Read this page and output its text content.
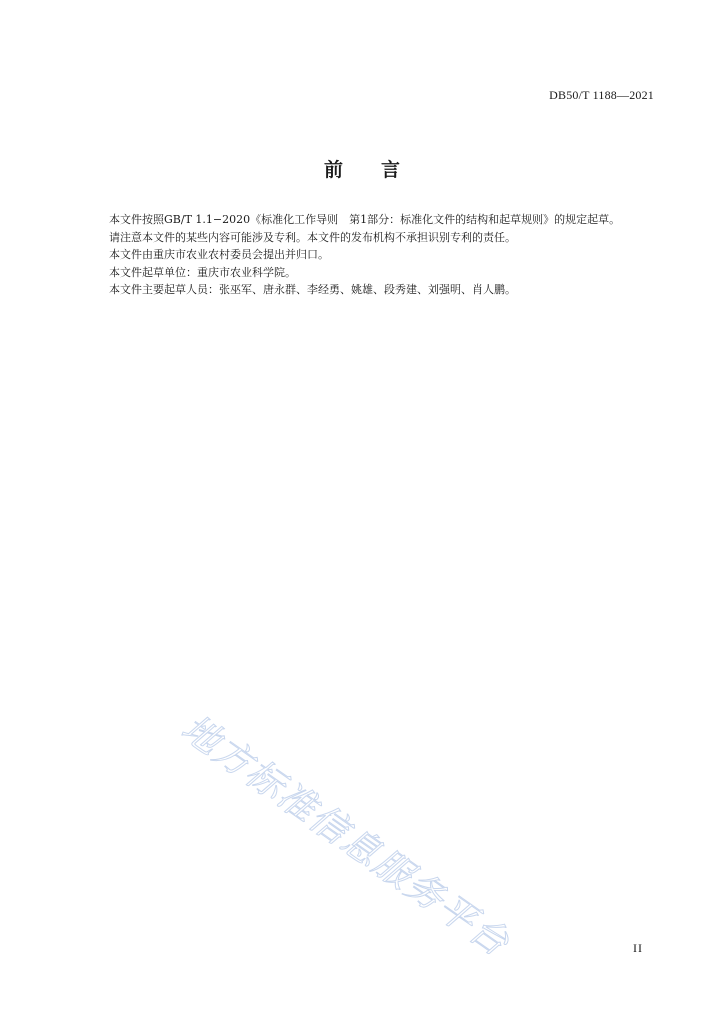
DB50/T 1188—2021
前 言

本文件按照GB/T 1.1−2020《标准化工作导则　第1部分：标准化文件的结构和起草规则》的规定起草。

请注意本文件的某些内容可能涉及专利。本文件的发布机构不承担识别专利的责任。

本文件由重庆市农业农村委员会提出并归口。

本文件起草单位：重庆市农业科学院。

本文件主要起草人员：张巫军、唐永群、李经勇、姚雄、段秀建、刘强明、肖人鹏。

地方标准信息服务平台	II
